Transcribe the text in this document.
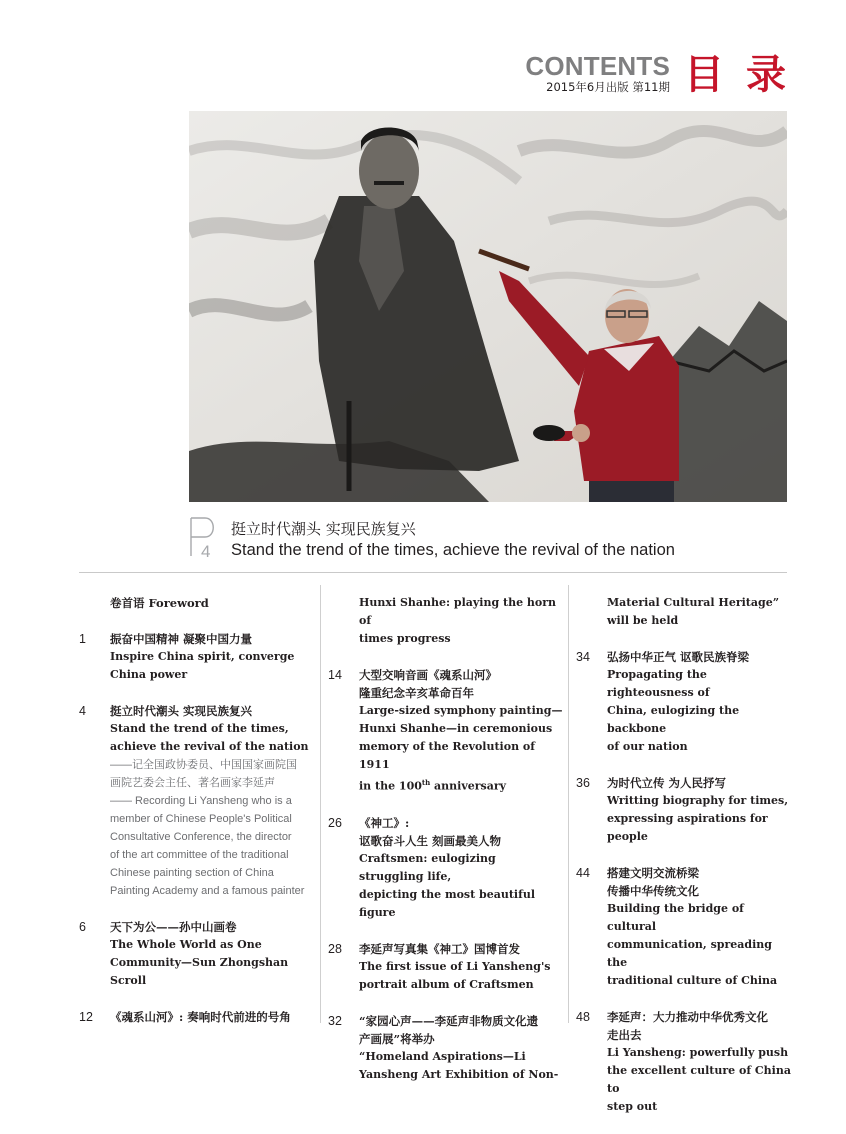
CONTENTS
2015年6月出版 第11期 目录
4
挺立时代潮头 实现民族复兴
Stand the trend of the times, achieve the revival of the nation
卷首语 Foreword
1	振奋中国精神 凝聚中国力量
Inspire China spirit, converge
China power
4	挺立时代潮头 实现民族复兴
Stand the trend of the times,
achieve the revival of the nation
——记全国政协委员、中国国家画院国
画院艺委会主任、著名画家李延声
—— Recording Li Yansheng who is a
member of Chinese People's Political
Consultative Conference, the director
of the art committee of the traditional
Chinese painting section of China
Painting Academy and a famous painter
6	天下为公——孙中山画卷
The Whole World as One
Community—Sun Zhongshan
Scroll
12	《魂系山河》: 奏响时代前进的号角
Hunxi Shanhe: playing the horn of
times progress
14	大型交响音画《魂系山河》
隆重纪念辛亥革命百年
Large-sized symphony painting—
Hunxi Shanhe—in ceremonious
memory of the Revolution of 1911
in the 100th anniversary
26	《神工》:
讴歌奋斗人生 刻画最美人物
Craftsmen: eulogizing struggling life,
depicting the most beautiful figure
28	李延声写真集《神工》国博首发
The first issue of Li Yansheng's
portrait album of Craftsmen
32	“家园心声——李延声非物质文化遗
产画展”将举办
“Homeland Aspirations—Li
Yansheng Art Exhibition of Non-
Material Cultural Heritage”
will be held
34	弘扬中华正气 讴歌民族脊梁
Propagating the righteousness of
China, eulogizing the backbone
of our nation
36	为时代立传 为人民抒写
Writting biography for times,
expressing aspirations for people
44	搭建文明交流桥梁
传播中华传统文化
Building the bridge of cultural
communication, spreading the
traditional culture of China
48	李延声：大力推动中华优秀文化
走出去
Li Yansheng: powerfully push
the excellent culture of China to
step out
